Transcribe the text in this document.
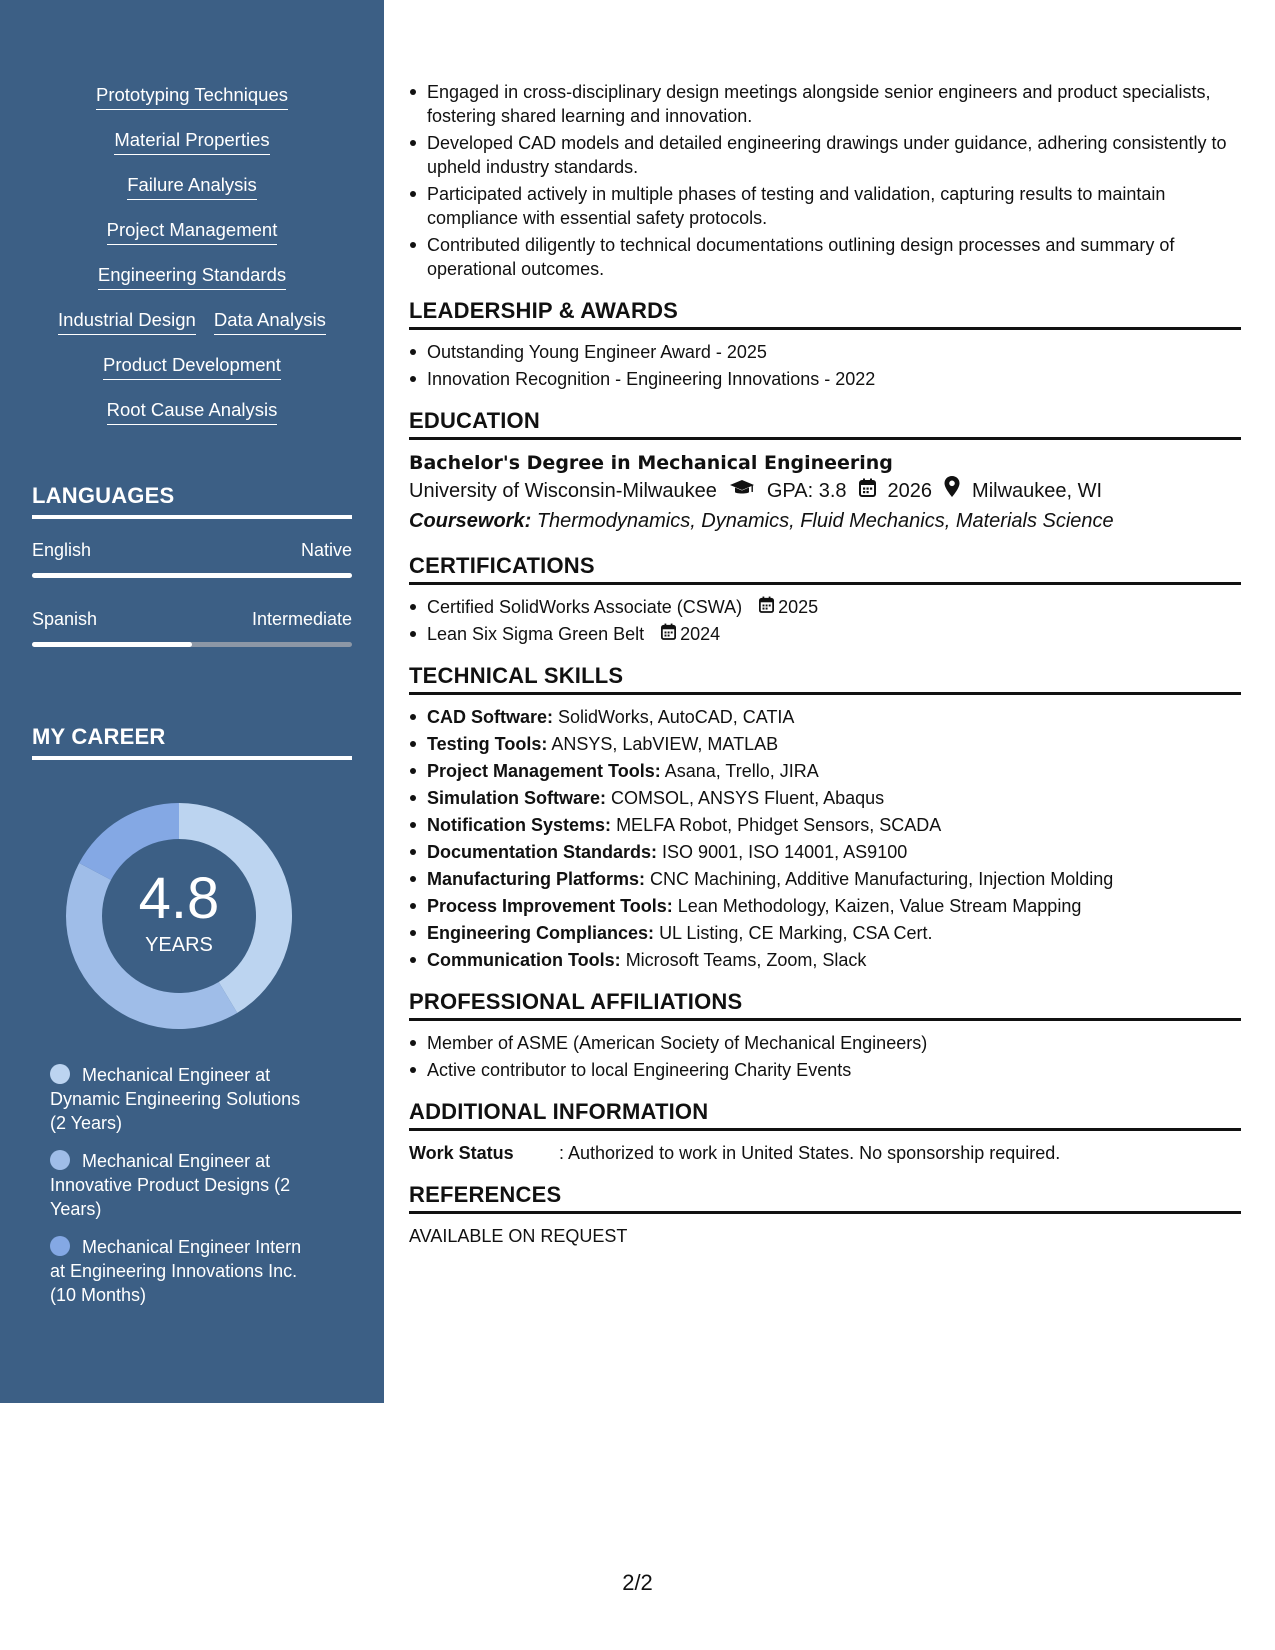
Prototyping Techniques
Material Properties
Failure Analysis
Project Management
Engineering Standards
Industrial Design Data Analysis
Product Development
Root Cause Analysis
LANGUAGES
English	Native
Spanish	Intermediate
MY CAREER
4.8
YEARS
Mechanical Engineer at Dynamic Engineering Solutions (2 Years)
Mechanical Engineer at Innovative Product Designs (2 Years)
Mechanical Engineer Intern at Engineering Innovations Inc. (10 Months)
Engaged in cross-disciplinary design meetings alongside senior engineers and product specialists, fostering shared learning and innovation.
Developed CAD models and detailed engineering drawings under guidance, adhering consistently to upheld industry standards.
Participated actively in multiple phases of testing and validation, capturing results to maintain compliance with essential safety protocols.
Contributed diligently to technical documentations outlining design processes and summary of operational outcomes.
LEADERSHIP & AWARDS
Outstanding Young Engineer Award - 2025
Innovation Recognition - Engineering Innovations - 2022
EDUCATION
Bachelor's Degree in Mechanical Engineering
University of Wisconsin-Milwaukee	GPA: 3.8 2026 Milwaukee, WI
Coursework: Thermodynamics, Dynamics, Fluid Mechanics, Materials Science
CERTIFICATIONS
Certified SolidWorks Associate (CSWA) 2025
Lean Six Sigma Green Belt 2024
TECHNICAL SKILLS
CAD Software: SolidWorks, AutoCAD, CATIA
Testing Tools: ANSYS, LabVIEW, MATLAB
Project Management Tools: Asana, Trello, JIRA
Simulation Software: COMSOL, ANSYS Fluent, Abaqus
Notification Systems: MELFA Robot, Phidget Sensors, SCADA
Documentation Standards: ISO 9001, ISO 14001, AS9100
Manufacturing Platforms: CNC Machining, Additive Manufacturing, Injection Molding
Process Improvement Tools: Lean Methodology, Kaizen, Value Stream Mapping
Engineering Compliances: UL Listing, CE Marking, CSA Cert.
Communication Tools: Microsoft Teams, Zoom, Slack
PROFESSIONAL AFFILIATIONS
Member of ASME (American Society of Mechanical Engineers)
Active contributor to local Engineering Charity Events
ADDITIONAL INFORMATION
Work Status	: Authorized to work in United States. No sponsorship required.
REFERENCES
AVAILABLE ON REQUEST
2/2
